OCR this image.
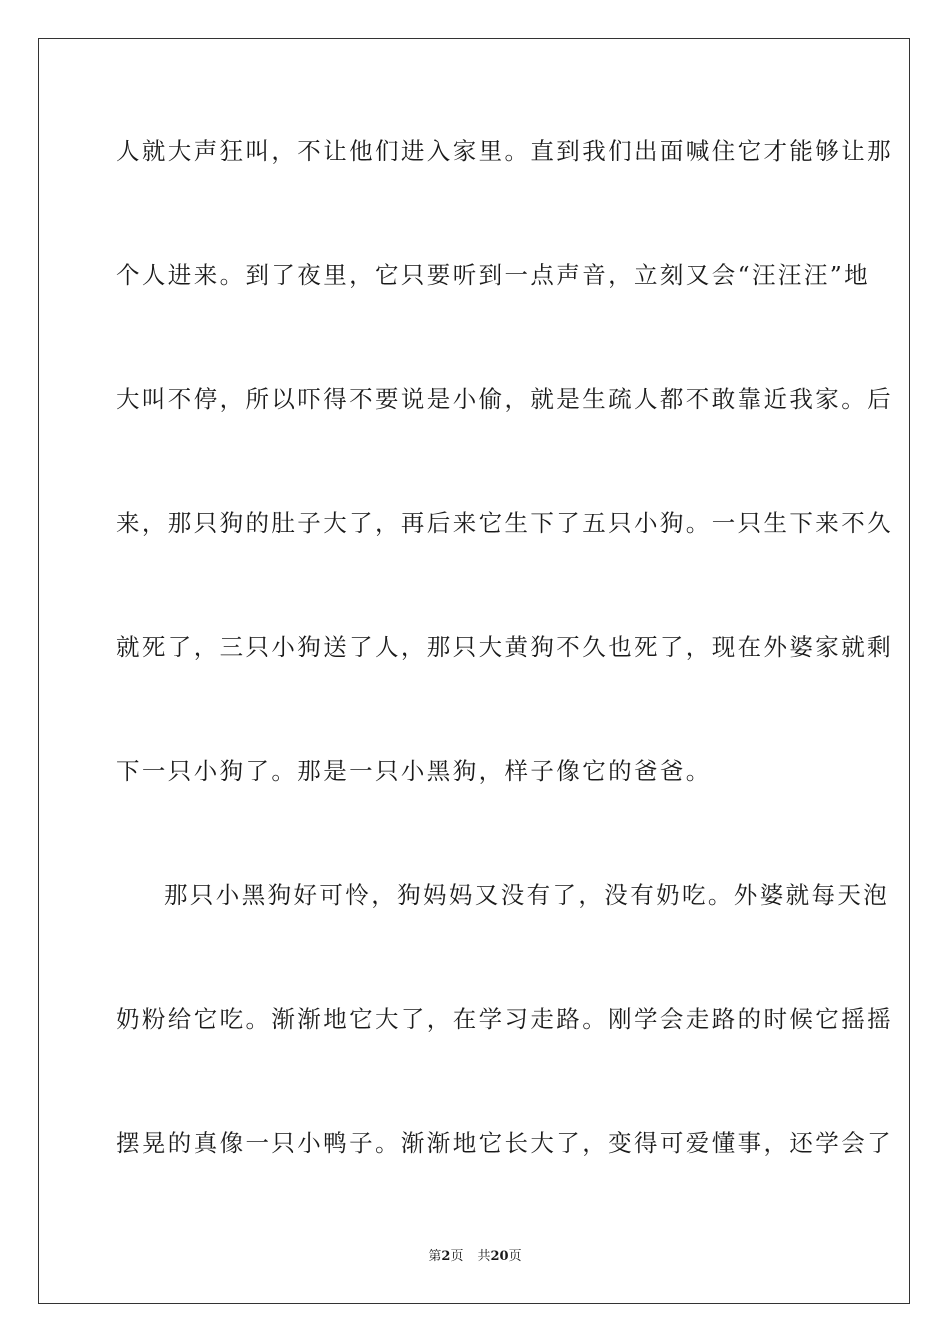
人就大声狂叫，不让他们进入家里。直到我们出面喊住它才能够让那
个人进来。到了夜里，它只要听到一点声音，立刻又会“汪汪汪”地
大叫不停，所以吓得不要说是小偷，就是生疏人都不敢靠近我家。后
来，那只狗的肚子大了，再后来它生下了五只小狗。一只生下来不久
就死了，三只小狗送了人，那只大黄狗不久也死了，现在外婆家就剩
下一只小狗了。那是一只小黑狗，样子像它的爸爸。
那只小黑狗好可怜，狗妈妈又没有了，没有奶吃。外婆就每天泡
奶粉给它吃。渐渐地它大了，在学习走路。刚学会走路的时候它摇摇
摆晃的真像一只小鸭子。渐渐地它长大了，变得可爱懂事，还学会了
第2页 共20页
